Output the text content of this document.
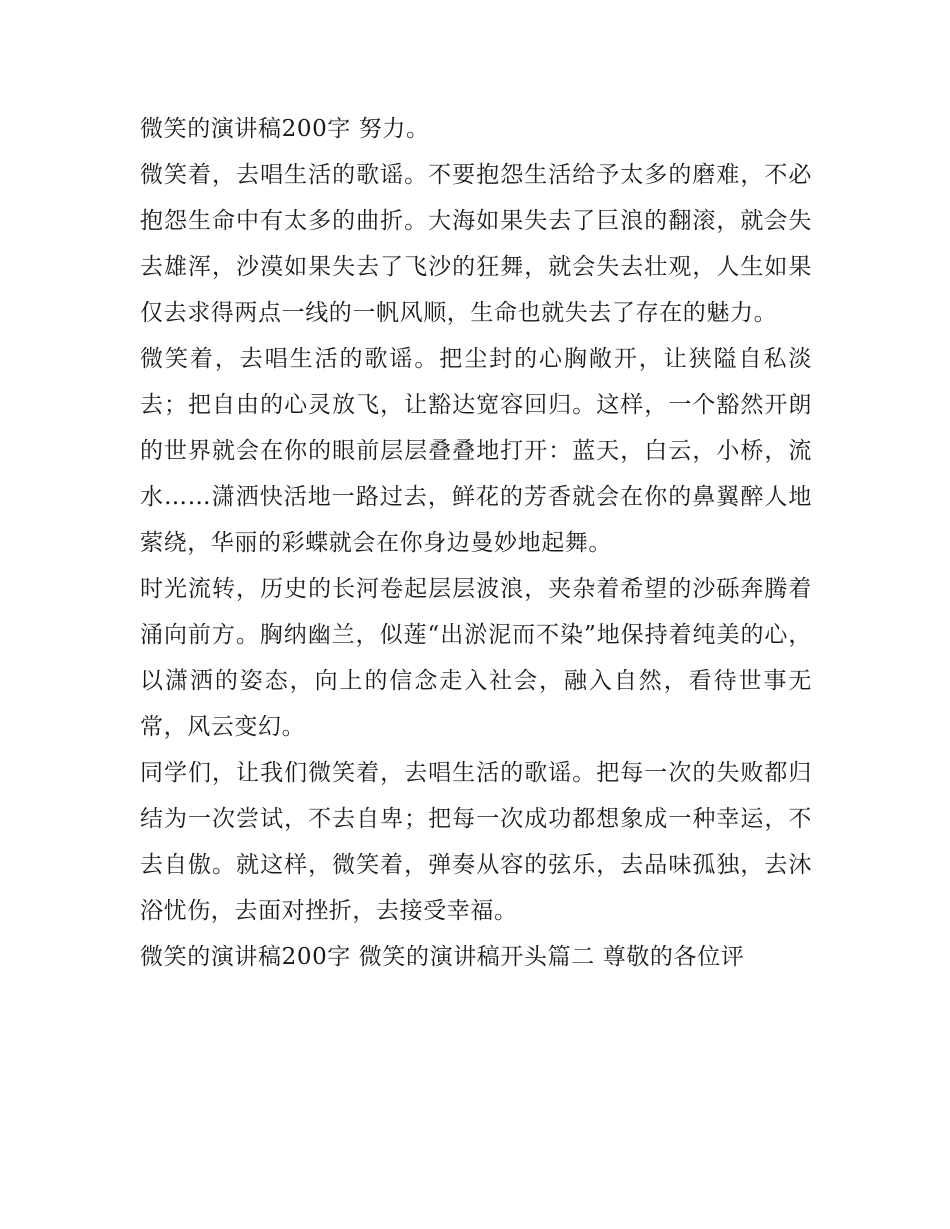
微笑的演讲稿200字 努力。

微笑着，去唱生活的歌谣。不要抱怨生活给予太多的磨难，不必抱怨生命中有太多的曲折。大海如果失去了巨浪的翻滚，就会失去雄浑，沙漠如果失去了飞沙的狂舞，就会失去壮观，人生如果仅去求得两点一线的一帆风顺，生命也就失去了存在的魅力。

微笑着，去唱生活的歌谣。把尘封的心胸敞开，让狭隘自私淡去；把自由的心灵放飞，让豁达宽容回归。这样，一个豁然开朗的世界就会在你的眼前层层叠叠地打开：蓝天，白云，小桥，流水……潇洒快活地一路过去，鲜花的芳香就会在你的鼻翼醉人地萦绕，华丽的彩蝶就会在你身边曼妙地起舞。

时光流转，历史的长河卷起层层波浪，夹杂着希望的沙砾奔腾着涌向前方。胸纳幽兰，似莲“出淤泥而不染”地保持着纯美的心，以潇洒的姿态，向上的信念走入社会，融入自然，看待世事无常，风云变幻。

同学们，让我们微笑着，去唱生活的歌谣。把每一次的失败都归结为一次尝试，不去自卑；把每一次成功都想象成一种幸运，不去自傲。就这样，微笑着，弹奏从容的弦乐，去品味孤独，去沐浴忧伤，去面对挫折，去接受幸福。

微笑的演讲稿200字 微笑的演讲稿开头篇二 尊敬的各位评
